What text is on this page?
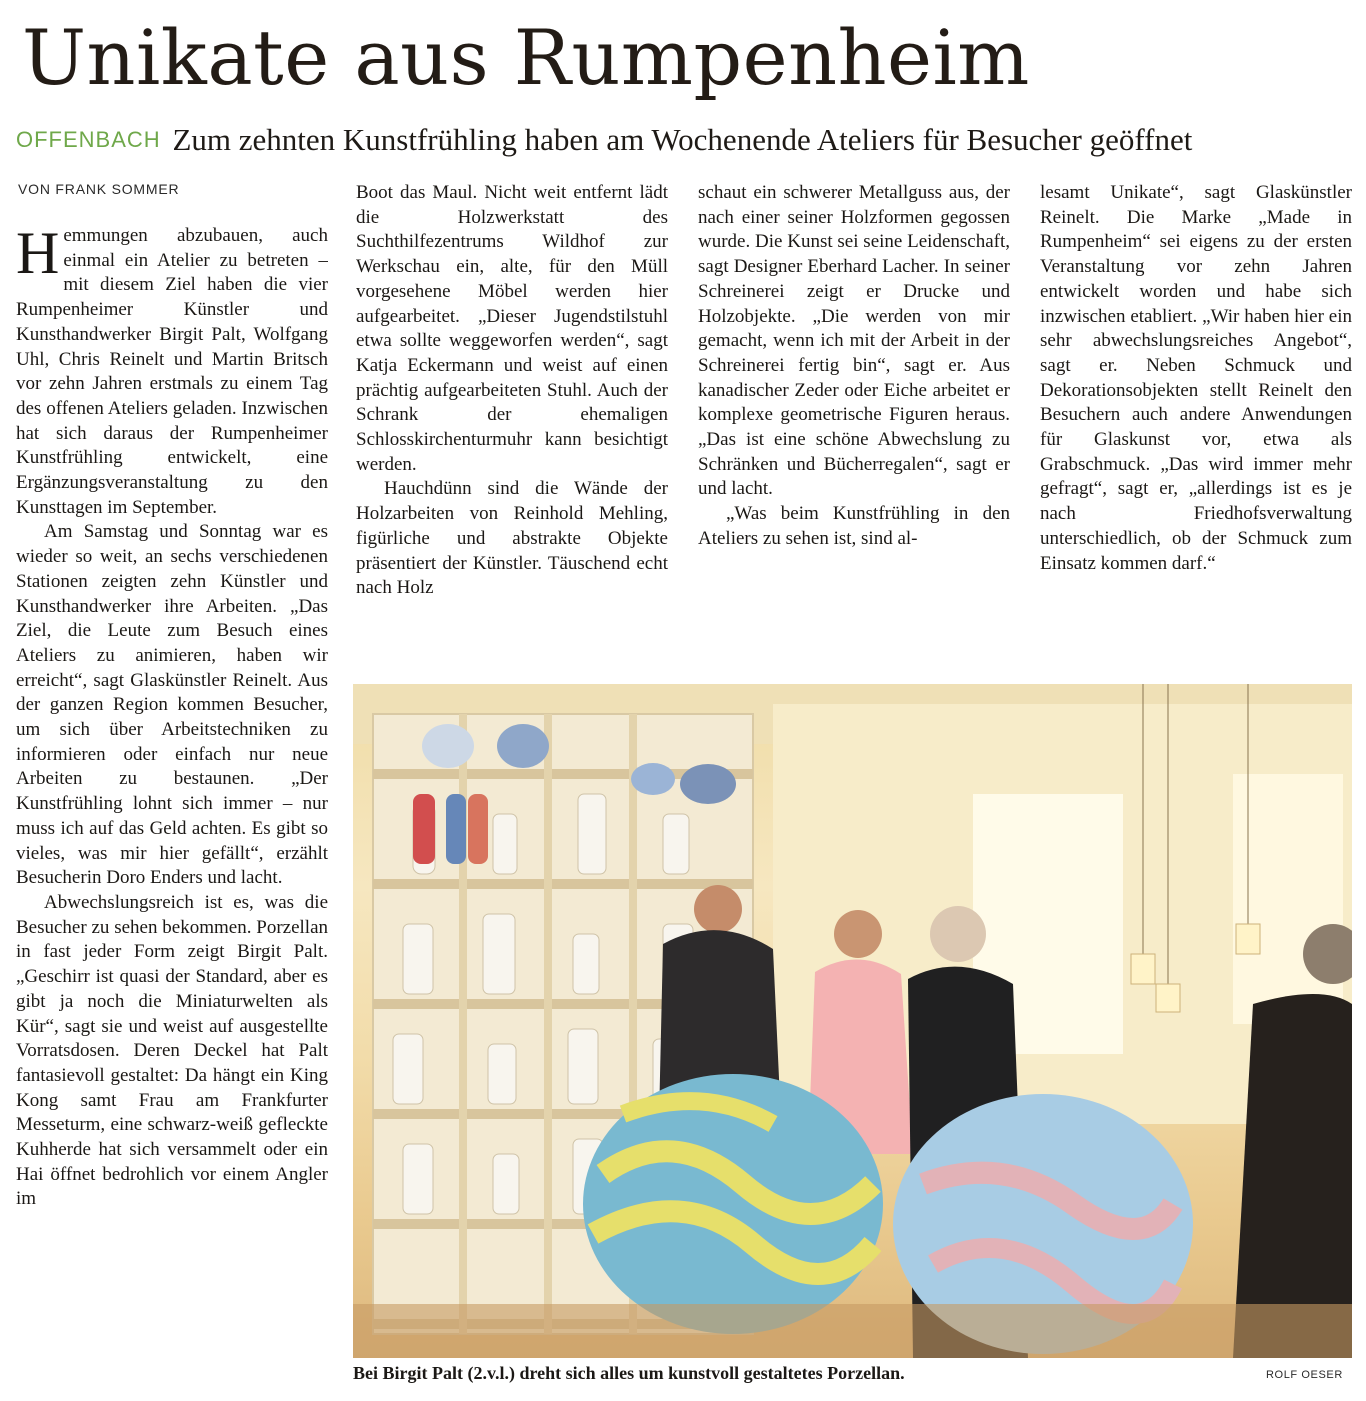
Unikate aus Rumpenheim
OFFENBACH Zum zehnten Kunstfrühling haben am Wochenende Ateliers für Besucher geöffnet
VON FRANK SOMMER

Hemmungen abzubauen, auch einmal ein Atelier zu betreten – mit diesem Ziel haben die vier Rumpenheimer Künstler und Kunsthandwerker Birgit Palt, Wolfgang Uhl, Chris Reinelt und Martin Britsch vor zehn Jahren erstmals zu einem Tag des offenen Ateliers geladen. Inzwischen hat sich daraus der Rumpenheimer Kunstfrühling entwickelt, eine Ergänzungsveranstaltung zu den Kunsttagen im September.

Am Samstag und Sonntag war es wieder so weit, an sechs verschiedenen Stationen zeigten zehn Künstler und Kunsthandwerker ihre Arbeiten. „Das Ziel, die Leute zum Besuch eines Ateliers zu animieren, haben wir erreicht“, sagt Glaskünstler Reinelt. Aus der ganzen Region kommen Besucher, um sich über Arbeitstechniken zu informieren oder einfach nur neue Arbeiten zu bestaunen. „Der Kunstfrühling lohnt sich immer – nur muss ich auf das Geld achten. Es gibt so vieles, was mir hier gefällt“, erzählt Besucherin Doro Enders und lacht.

Abwechslungsreich ist es, was die Besucher zu sehen bekommen. Porzellan in fast jeder Form zeigt Birgit Palt. „Geschirr ist quasi der Standard, aber es gibt ja noch die Miniaturwelten als Kür“, sagt sie und weist auf ausgestellte Vorratsdosen. Deren Deckel hat Palt fantasievoll gestaltet: Da hängt ein King Kong samt Frau am Frankfurter Messeturm, eine schwarz-weiß gefleckte Kuhherde hat sich versammelt oder ein Hai öffnet bedrohlich vor einem Angler im

Boot das Maul. Nicht weit entfernt lädt die Holzwerkstatt des Suchthilfezentrums Wildhof zur Werkschau ein, alte, für den Müll vorgesehene Möbel werden hier aufgearbeitet. „Dieser Jugendstilstuhl etwa sollte weggeworfen werden“, sagt Katja Eckermann und weist auf einen prächtig aufgearbeiteten Stuhl. Auch der Schrank der ehemaligen Schlosskirchenturmuhr kann besichtigt werden.

Hauchdünn sind die Wände der Holzarbeiten von Reinhold Mehling, figürliche und abstrakte Objekte präsentiert der Künstler. Täuschend echt nach Holz

schaut ein schwerer Metallguss aus, der nach einer seiner Holzformen gegossen wurde. Die Kunst sei seine Leidenschaft, sagt Designer Eberhard Lacher. In seiner Schreinerei zeigt er Drucke und Holzobjekte. „Die werden von mir gemacht, wenn ich mit der Arbeit in der Schreinerei fertig bin“, sagt er. Aus kanadischer Zeder oder Eiche arbeitet er komplexe geometrische Figuren heraus. „Das ist eine schöne Abwechslung zu Schränken und Bücherregalen“, sagt er und lacht.

„Was beim Kunstfrühling in den Ateliers zu sehen ist, sind al-

lesamt Unikate“, sagt Glaskünstler Reinelt. Die Marke „Made in Rumpenheim“ sei eigens zu der ersten Veranstaltung vor zehn Jahren entwickelt worden und habe sich inzwischen etabliert. „Wir haben hier ein sehr abwechslungsreiches Angebot“, sagt er. Neben Schmuck und Dekorationsobjekten stellt Reinelt den Besuchern auch andere Anwendungen für Glaskunst vor, etwa als Grabschmuck. „Das wird immer mehr gefragt“, sagt er, „allerdings ist es je nach Friedhofsverwaltung unterschiedlich, ob der Schmuck zum Einsatz kommen darf.“

Bei Birgit Palt (2.v.l.) dreht sich alles um kunstvoll gestaltetes Porzellan.	ROLF OESER
